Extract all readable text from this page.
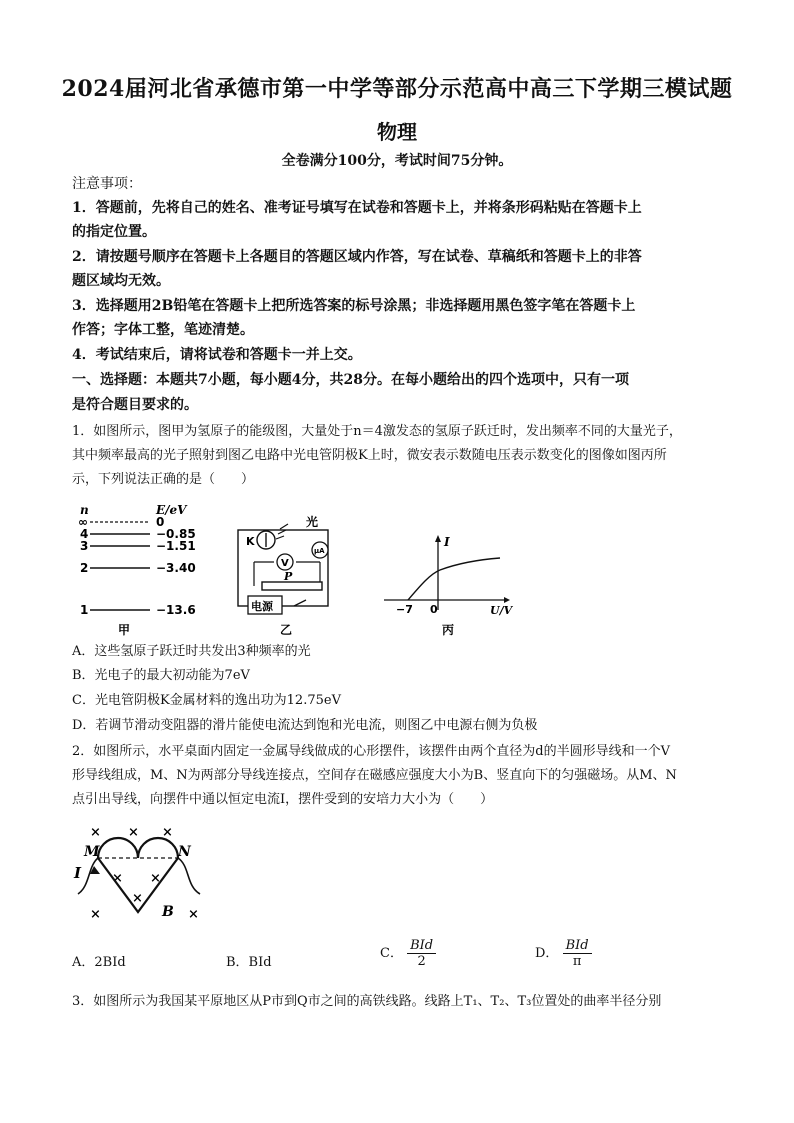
2024届河北省承德市第一中学等部分示范高中高三下学期三模试题
物理
全卷满分100分，考试时间75分钟。
注意事项：
1．答题前，先将自己的姓名、准考证号填写在试卷和答题卡上，并将条形码粘贴在答题卡上
的指定位置。
2．请按题号顺序在答题卡上各题目的答题区域内作答，写在试卷、草稿纸和答题卡上的非答
题区域均无效。
3．选择题用2B铅笔在答题卡上把所选答案的标号涂黑；非选择题用黑色签字笔在答题卡上
作答；字体工整，笔迹清楚。
4．考试结束后，请将试卷和答题卡一并上交。
一、选择题：本题共7小题，每小题4分，共28分。在每小题给出的四个选项中，只有一项
是符合题目要求的。
1．如图所示，图甲为氢原子的能级图，大量处于n＝4激发态的氢原子跃迁时，发出频率不同的大量光子，
其中频率最高的光子照射到图乙电路中光电管阴极K上时，微安表示数随电压表示数变化的图像如图丙所
示，下列说法正确的是（　　）
n	E/eV
∞	0
4	−0.85
3	−1.51
2	−3.40
1	−13.6
甲
K
光
μA
V
P
电源
乙
I
−7 0	U/V
丙
A．这些氢原子跃迁时共发出3种频率的光
B．光电子的最大初动能为7eV
C．光电管阴极K金属材料的逸出功为12.75eV
D．若调节滑动变阻器的滑片能使电流达到饱和光电流，则图乙中电源右侧为负极
2．如图所示，水平桌面内固定一金属导线做成的心形摆件，该摆件由两个直径为d的半圆形导线和一个V
形导线组成，M、N为两部分导线连接点，空间存在磁感应强度大小为B、竖直向下的匀强磁场。从M、N
点引出导线，向摆件中通以恒定电流I，摆件受到的安培力大小为（　　）
× × ×
× ×
×
×	×
M	N
I
B
A．2BId	B．BId
C． $\frac{\text{BId}}{2}$	D． $\frac{\text{BId}}{\pi}$
3．如图所示为我国某平原地区从P市到Q市之间的高铁线路。线路上T₁、T₂、T₃位置处的曲率半径分别
